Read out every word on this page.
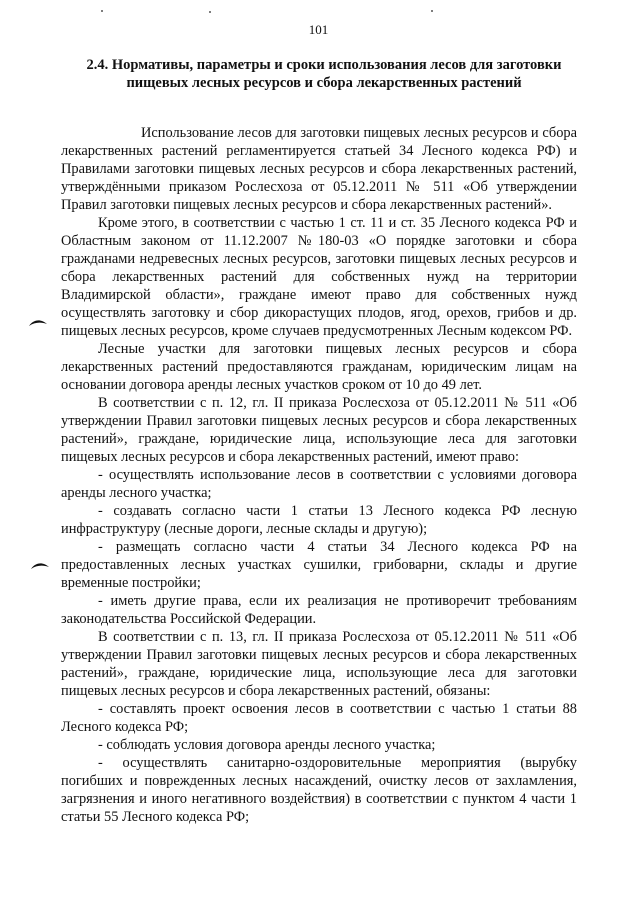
101
2.4. Нормативы, параметры и сроки использования лесов для заготовки пищевых лесных ресурсов и сбора лекарственных растений

Использование лесов для заготовки пищевых лесных ресурсов и сбора лекарственных растений регламентируется статьей 34 Лесного кодекса РФ) и Правилами заготовки пищевых лесных ресурсов и сбора лекарственных растений, утверждёнными приказом Рослесхоза от 05.12.2011 № 511 «Об утверждении Правил заготовки пищевых лесных ресурсов и сбора лекарственных растений».

Кроме этого, в соответствии с частью 1 ст. 11 и ст. 35 Лесного кодекса РФ и Областным законом от 11.12.2007 №180-03 «О порядке заготовки и сбора гражданами недревесных лесных ресурсов, заготовки пищевых лесных ресурсов и сбора лекарственных растений для собственных нужд на территории Владимирской области», граждане имеют право для собственных нужд осуществлять заготовку и сбор дикорастущих плодов, ягод, орехов, грибов и др. пищевых лесных ресурсов, кроме случаев предусмотренных Лесным кодексом РФ.

Лесные участки для заготовки пищевых лесных ресурсов и сбора лекарственных растений предоставляются гражданам, юридическим лицам на основании договора аренды лесных участков сроком от 10 до 49 лет.

В соответствии с п. 12, гл. II приказа Рослесхоза от 05.12.2011 № 511 «Об утверждении Правил заготовки пищевых лесных ресурсов и сбора лекарственных растений», граждане, юридические лица, использующие леса для заготовки пищевых лесных ресурсов и сбора лекарственных растений, имеют право:

- осуществлять использование лесов в соответствии с условиями договора аренды лесного участка;

- создавать согласно части 1 статьи 13 Лесного кодекса РФ лесную инфраструктуру (лесные дороги, лесные склады и другую);

- размещать согласно части 4 статьи 34 Лесного кодекса РФ на предоставленных лесных участках сушилки, грибоварни, склады и другие временные постройки;

- иметь другие права, если их реализация не противоречит требованиям законодательства Российской Федерации.

В соответствии с п. 13, гл. II приказа Рослесхоза от 05.12.2011 № 511 «Об утверждении Правил заготовки пищевых лесных ресурсов и сбора лекарственных растений», граждане, юридические лица, использующие леса для заготовки пищевых лесных ресурсов и сбора лекарственных растений, обязаны:

- составлять проект освоения лесов в соответствии с частью 1 статьи 88 Лесного кодекса РФ;

- соблюдать условия договора аренды лесного участка;

- осуществлять санитарно-оздоровительные мероприятия (вырубку погибших и поврежденных лесных насаждений, очистку лесов от захламления, загрязнения и иного негативного воздействия) в соответствии с пунктом 4 части 1 статьи 55 Лесного кодекса РФ;
